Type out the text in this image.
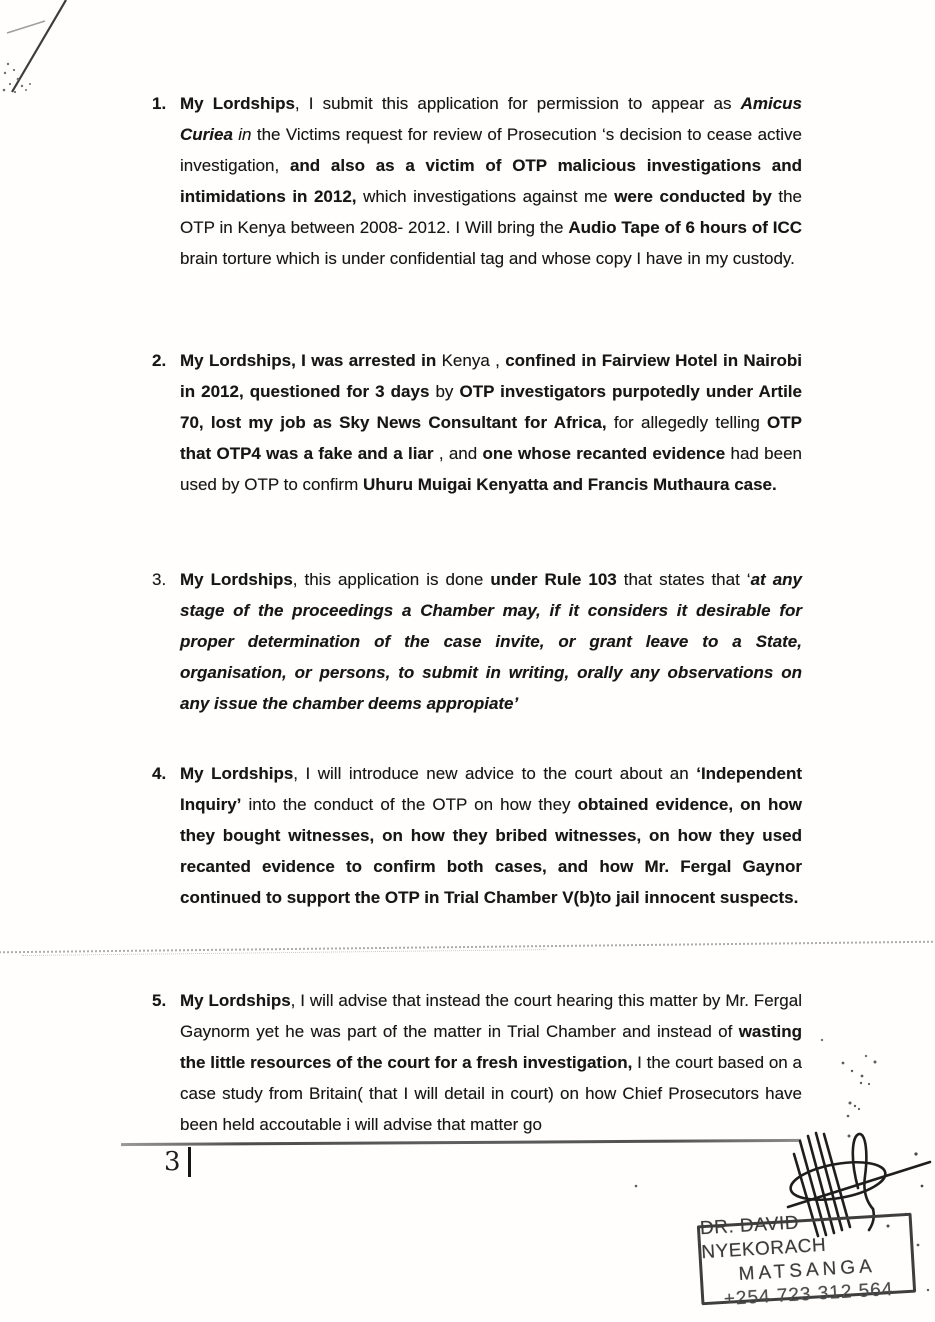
1. My Lordships, I submit this application for permission to appear as Amicus Curiea in the Victims request for review of Prosecution ‘s decision to cease active investigation, and also as a victim of OTP malicious investigations and intimidations in 2012, which investigations against me were conducted by the OTP in Kenya between 2008- 2012. I Will bring the Audio Tape of 6 hours of ICC brain torture which is under confidential tag and whose copy I have in my custody.
2. My Lordships, I was arrested in Kenya , confined in Fairview Hotel in Nairobi in 2012, questioned for 3 days by OTP investigators purpotedly under Artile 70, lost my job as Sky News Consultant for Africa, for allegedly telling OTP that OTP4 was a fake and a liar , and one whose recanted evidence had been used by OTP to confirm Uhuru Muigai Kenyatta and Francis Muthaura case.
3. My Lordships, this application is done under Rule 103 that states that ‘at any stage of the proceedings a Chamber may, if it considers it desirable for proper determination of the case invite, or grant leave to a State, organisation, or persons, to submit in writing, orally any observations on any issue the chamber deems appropiate’
4. My Lordships, I will introduce new advice to the court about an ‘Independent Inquiry’ into the conduct of the OTP on how they obtained evidence, on how they bought witnesses, on how they bribed witnesses, on how they used recanted evidence to confirm both cases, and how Mr. Fergal Gaynor continued to support the OTP in Trial Chamber V(b)to jail innocent suspects.
5. My Lordships, I will advise that instead the court hearing this matter by Mr. Fergal Gaynorm yet he was part of the matter in Trial Chamber and instead of wasting the little resources of the court for a fresh investigation, I the court based on a case study from Britain( that I will detail in court) on how Chief Prosecutors have been held accoutable i will advise that matter go
3
DR. DAVID NYEKORACH
MATSANGA
+254 723 312 564
